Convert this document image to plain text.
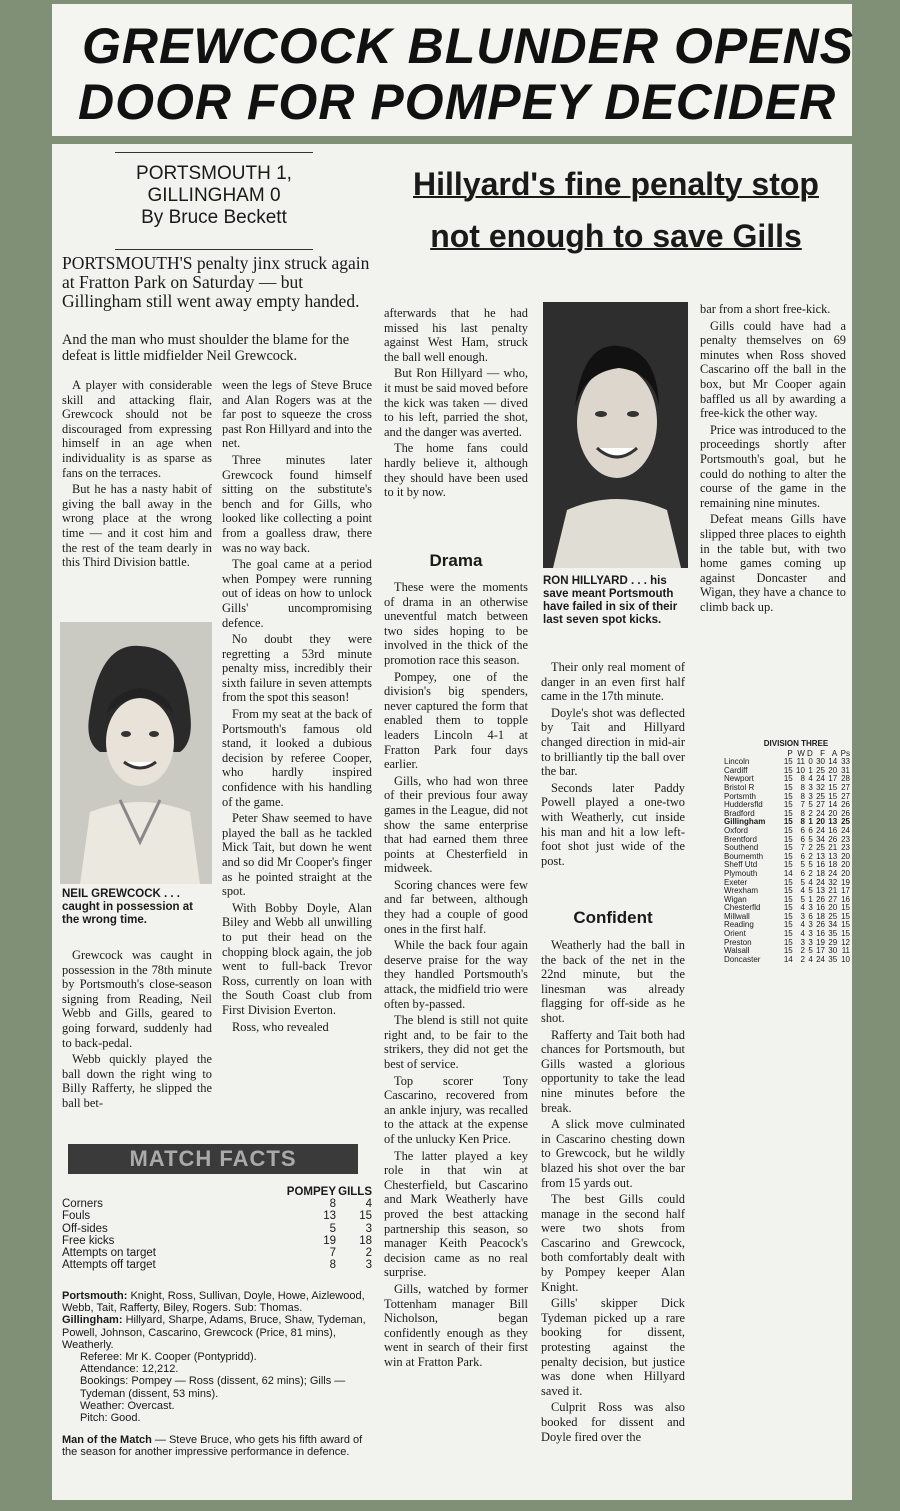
GREWCOCK BLUNDER OPENS
DOOR FOR POMPEY DECIDER
PORTSMOUTH 1,
GILLINGHAM 0
By Bruce Beckett
Hillyard's fine penalty stop
not enough to save Gills
PORTSMOUTH'S penalty jinx struck again at Fratton Park on Saturday — but Gillingham still went away empty handed.
And the man who must shoulder the blame for the defeat is little midfielder Neil Grewcock.

A player with considerable skill and attacking flair, Grewcock should not be discouraged from expressing himself in an age when individuality is as sparse as fans on the terraces.

But he has a nasty habit of giving the ball away in the wrong place at the wrong time — and it cost him and the rest of the team dearly in this Third Division battle.

NEIL GREWCOCK . . . caught in possession at the wrong time.

Grewcock was caught in possession in the 78th minute by Portsmouth's close-season signing from Reading, Neil Webb and Gills, geared to going forward, suddenly had to back-pedal.

Webb quickly played the ball down the right wing to Billy Rafferty, he slipped the ball bet-

ween the legs of Steve Bruce and Alan Rogers was at the far post to squeeze the cross past Ron Hillyard and into the net.

Three minutes later Grewcock found himself sitting on the substitute's bench and for Gills, who looked like collecting a point from a goalless draw, there was no way back.

The goal came at a period when Pompey were running out of ideas on how to unlock Gills' uncompromising defence.

No doubt they were regretting a 53rd minute penalty miss, incredibly their sixth failure in seven attempts from the spot this season!

From my seat at the back of Portsmouth's famous old stand, it looked a dubious decision by referee Cooper, who hardly inspired confidence with his handling of the game.

Peter Shaw seemed to have played the ball as he tackled Mick Tait, but down he went and so did Mr Cooper's finger as he pointed straight at the spot.

With Bobby Doyle, Alan Biley and Webb all unwilling to put their head on the chopping block again, the job went to full-back Trevor Ross, currently on loan with the South Coast club from First Division Everton.

Ross, who revealed

afterwards that he had missed his last penalty against West Ham, struck the ball well enough.

But Ron Hillyard — who, it must be said moved before the kick was taken — dived to his left, parried the shot, and the danger was averted.

The home fans could hardly believe it, although they should have been used to it by now.

Drama

These were the moments of drama in an otherwise uneventful match between two sides hoping to be involved in the thick of the promotion race this season.

Pompey, one of the division's big spenders, never captured the form that enabled them to topple leaders Lincoln 4-1 at Fratton Park four days earlier.

Gills, who had won three of their previous four away games in the League, did not show the same enterprise that had earned them three points at Chesterfield in midweek.

Scoring chances were few and far between, although they had a couple of good ones in the first half.

While the back four again deserve praise for the way they handled Portsmouth's attack, the midfield trio were often by-passed.

The blend is still not quite right and, to be fair to the strikers, they did not get the best of service.

Top scorer Tony Cascarino, recovered from an ankle injury, was recalled to the attack at the expense of the unlucky Ken Price.

The latter played a key role in that win at Chesterfield, but Cascarino and Mark Weatherly have proved the best attacking partnership this season, so manager Keith Peacock's decision came as no real surprise.

Gills, watched by former Tottenham manager Bill Nicholson, began confidently enough as they went in search of their first win at Fratton Park.

RON HILLYARD . . . his save meant Portsmouth have failed in six of their last seven spot kicks.

Their only real moment of danger in an even first half came in the 17th minute.

Doyle's shot was deflected by Tait and Hillyard changed direction in mid-air to brilliantly tip the ball over the bar.

Seconds later Paddy Powell played a one-two with Weatherly, cut inside his man and hit a low left-foot shot just wide of the post.

Confident

Weatherly had the ball in the back of the net in the 22nd minute, but the linesman was already flagging for off-side as he shot.

Rafferty and Tait both had chances for Portsmouth, but Gills wasted a glorious opportunity to take the lead nine minutes before the break.

A slick move culminated in Cascarino chesting down to Grewcock, but he wildly blazed his shot over the bar from 15 yards out.

The best Gills could manage in the second half were two shots from Cascarino and Grewcock, both comfortably dealt with by Pompey keeper Alan Knight.

Gills' skipper Dick Tydeman picked up a rare booking for dissent, protesting against the penalty decision, but justice was done when Hillyard saved it.

Culprit Ross was also booked for dissent and Doyle fired over the

bar from a short free-kick.

Gills could have had a penalty themselves on 69 minutes when Ross shoved Cascarino off the ball in the box, but Mr Cooper again baffled us all by awarding a free-kick the other way.

Price was introduced to the proceedings shortly after Portsmouth's goal, but he could do nothing to alter the course of the game in the remaining nine minutes.

Defeat means Gills have slipped three places to eighth in the table but, with two home games coming up against Doncaster and Wigan, they have a chance to climb back up.

DIVISION THREE
	P	W	D	F	A	Ps
Lincoln	15	11	0	30	14	33
Cardiff	15	10	1	25	20	31
Newport	15	8	4	24	17	28
Bristol R	15	8	3	32	15	27
Portsmth	15	8	3	25	15	27
Huddersfld	15	7	5	27	14	26
Bradford	15	8	2	24	20	26
Gillingham	15	8	1	20	13	25
Oxford	15	6	6	24	16	24
Brentford	15	6	5	34	26	23
Southend	15	7	2	25	21	23
Bournemth	15	6	2	13	13	20
Sheff Utd	15	5	5	16	18	20
Plymouth	14	6	2	18	24	20
Exeter	15	5	4	24	32	19
Wrexham	15	4	5	13	21	17
Wigan	15	5	1	26	27	16
Chesterfld	15	4	3	16	20	15
Millwall	15	3	6	18	25	15
Reading	15	4	3	26	34	15
Orient	15	4	3	16	35	15
Preston	15	3	3	19	29	12
Walsall	15	2	5	17	30	11
Doncaster	14	2	4	24	35	10
MATCH FACTS
	POMPEY	GILLS
Corners	8	4
Fouls	13	15
Off-sides	5	3
Free kicks	19	18
Attempts on target	7	2
Attempts off target	8	3

Portsmouth: Knight, Ross, Sullivan, Doyle, Howe, Aizlewood, Webb, Tait, Rafferty, Biley, Rogers. Sub: Thomas.

Gillingham: Hillyard, Sharpe, Adams, Bruce, Shaw, Tydeman, Powell, Johnson, Cascarino, Grewcock (Price, 81 mins), Weatherly.

Referee: Mr K. Cooper (Pontypridd).

Attendance: 12,212.

Bookings: Pompey — Ross (dissent, 62 mins); Gills — Tydeman (dissent, 53 mins).

Weather: Overcast.

Pitch: Good.

Man of the Match — Steve Bruce, who gets his fifth award of the season for another impressive performance in defence.
